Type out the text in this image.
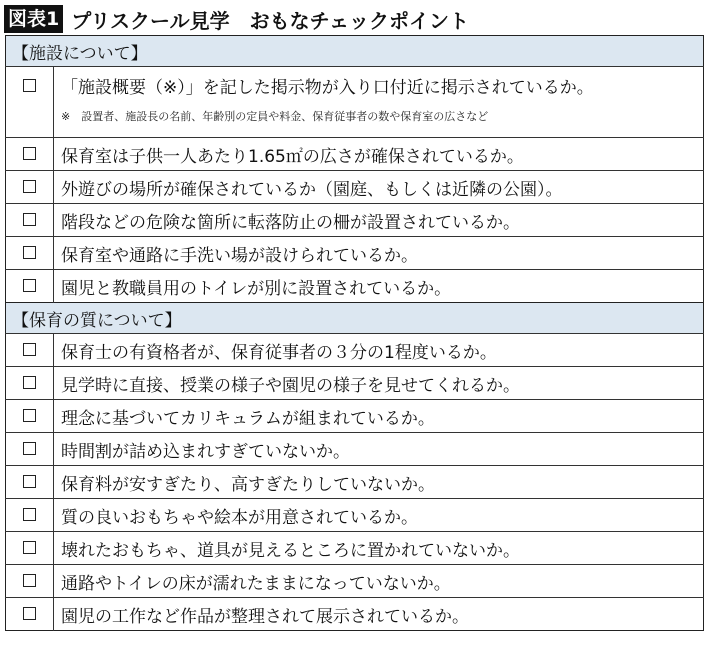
図表1 プリスクール見学　おもなチェックポイント
【施設について】	

	「施設概要（※）」を記した掲示物が入り口付近に掲示されているか。
※　設置者、施設長の名前、年齢別の定員や料金、保育従事者の数や保育室の広さなど

	保育室は子供一人あたり1.65㎡の広さが確保されているか。
	外遊びの場所が確保されているか（園庭、もしくは近隣の公園）。
	階段などの危険な箇所に転落防止の柵が設置されているか。
	保育室や通路に手洗い場が設けられているか。
	園児と教職員用のトイレが別に設置されているか。
【保育の質について】	
	保育士の有資格者が、保育従事者の３分の1程度いるか。
	見学時に直接、授業の様子や園児の様子を見せてくれるか。
	理念に基づいてカリキュラムが組まれているか。
	時間割が詰め込まれすぎていないか。
	保育料が安すぎたり、高すぎたりしていないか。
	質の良いおもちゃや絵本が用意されているか。
	壊れたおもちゃ、道具が見えるところに置かれていないか。
	通路やトイレの床が濡れたままになっていないか。
	園児の工作など作品が整理されて展示されているか。
